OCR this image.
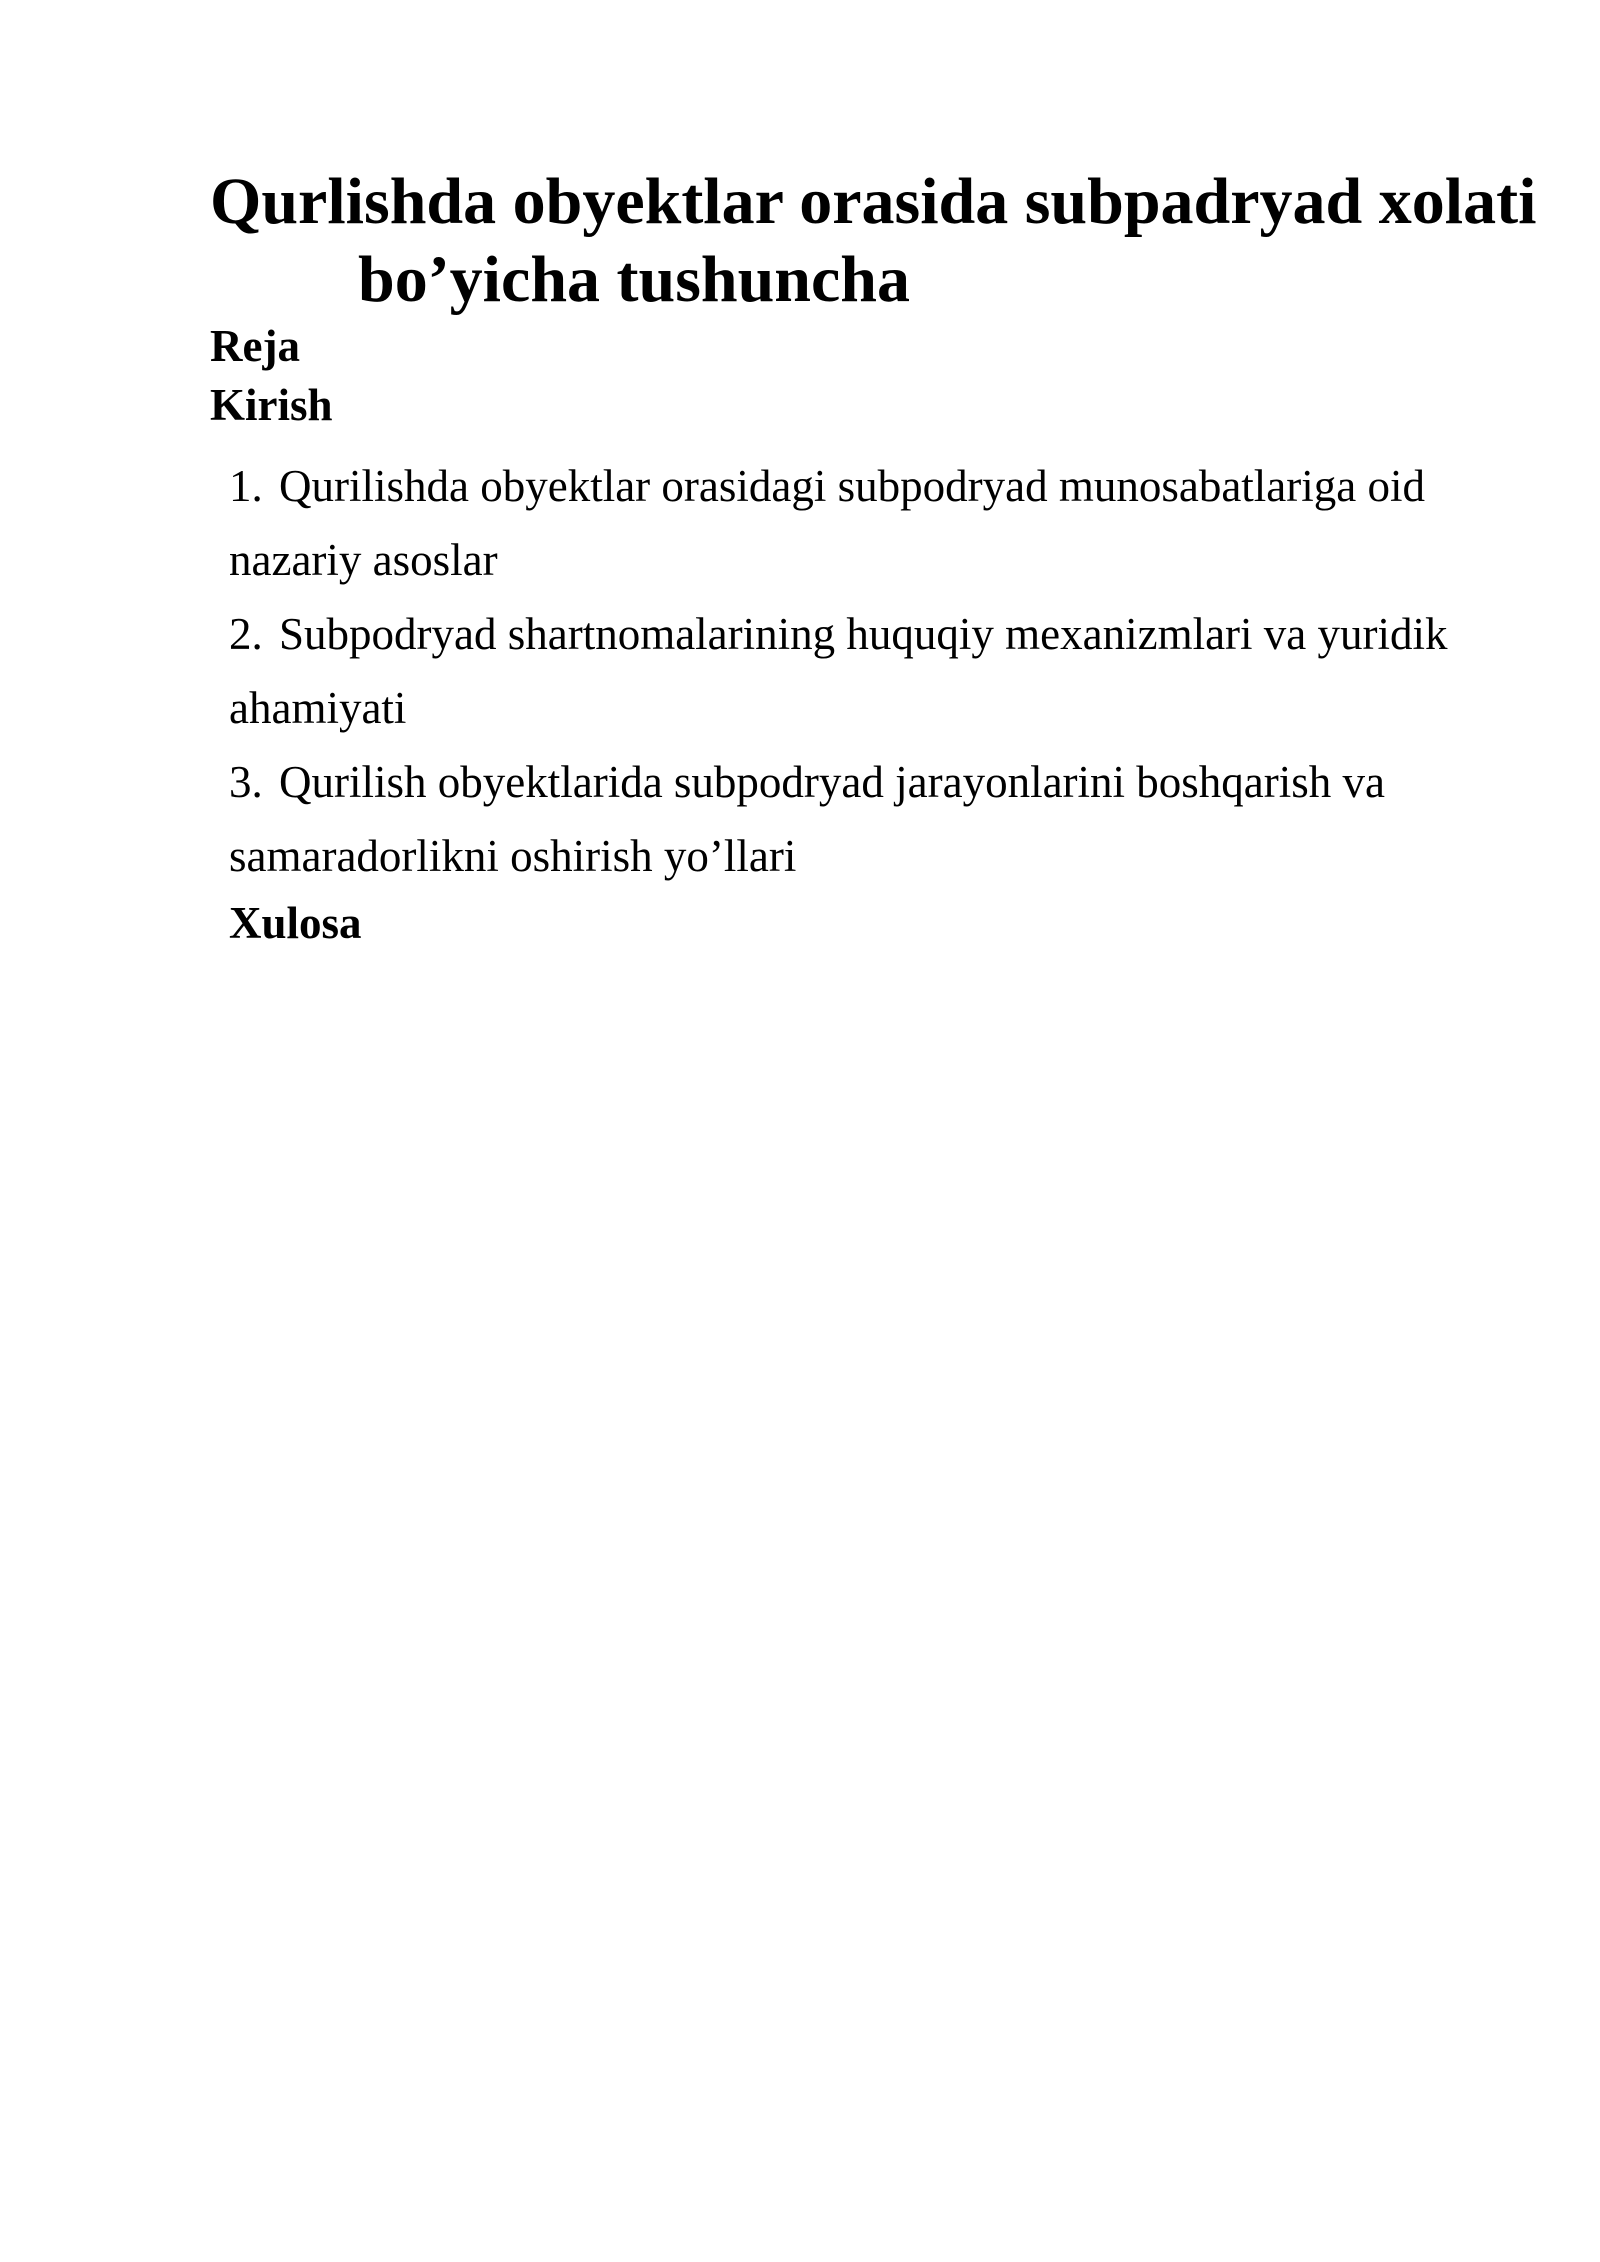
Qurlishda obyektlar orasida subpadryad xolati
bo’yicha tushuncha
Reja
Kirish
1. Qurilishda obyektlar orasidagi subpodryad munosabatlariga oid
nazariy asoslar
2. Subpodryad shartnomalarining huquqiy mexanizmlari va yuridik
ahamiyati
3. Qurilish obyektlarida subpodryad jarayonlarini boshqarish va
samaradorlikni oshirish yo’llari
Xulosa
